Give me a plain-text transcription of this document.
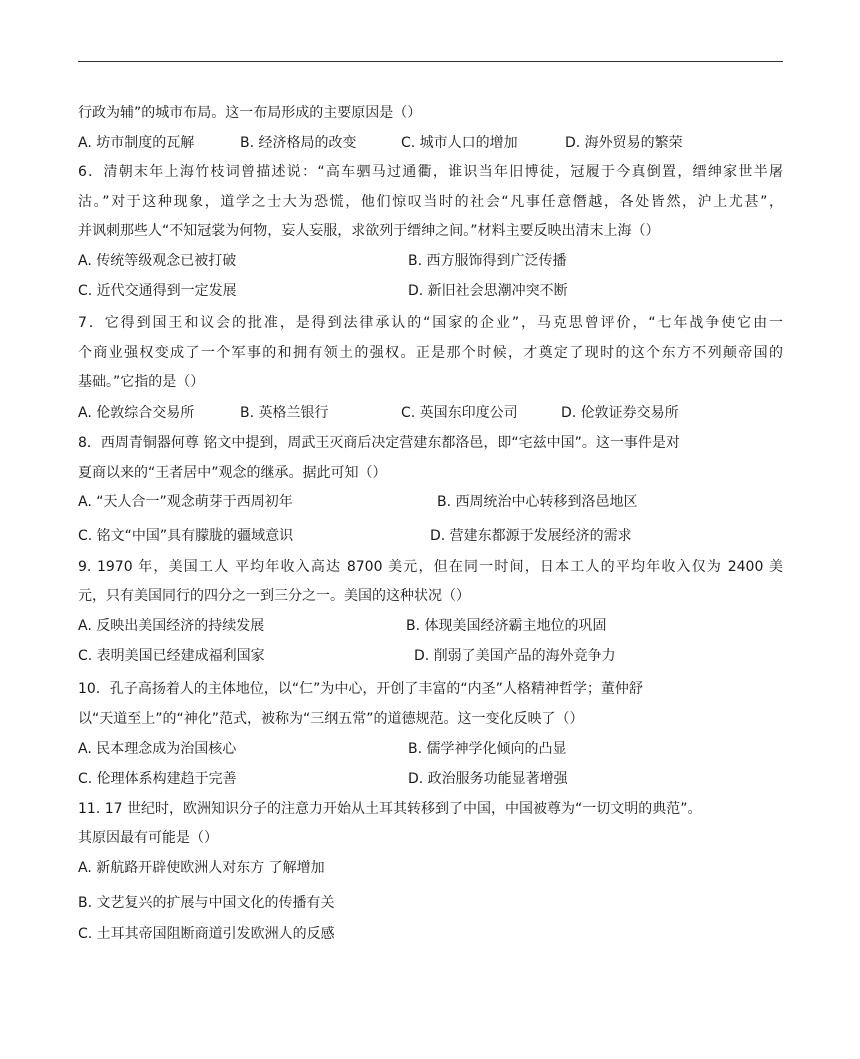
行政为辅”的城市布局。这一布局形成的主要原因是（）
A. 坊市制度的瓦解	B. 经济格局的改变	C. 城市人口的增加	D. 海外贸易的繁荣
6．清朝末年上海竹枝词曾描述说：“高车驷马过通衢，谁识当年旧博徒，冠履于今真倒置，缙绅家世半屠
沽。”对于这种现象，道学之士大为恐慌，他们惊叹当时的社会“凡事任意僭越，各处皆然，沪上尤甚”，
并讽刺那些人“不知冠裳为何物，妄人妄服，求欲列于缙绅之间。”材料主要反映出清末上海（）
A. 传统等级观念已被打破	B. 西方服饰得到广泛传播
C. 近代交通得到一定发展	D. 新旧社会思潮冲突不断
7．它得到国王和议会的批准，是得到法律承认的“国家的企业”，马克思曾评价，“七年战争使它由一
个商业强权变成了一个军事的和拥有领土的强权。正是那个时候，才奠定了现时的这个东方不列颠帝国的
基础。”它指的是（）
A. 伦敦综合交易所	B. 英格兰银行	C. 英国东印度公司	D. 伦敦证券交易所
8．西周青铜器何尊 铭文中提到，周武王灭商后决定营建东都洛邑，即“宅兹中国”。这一事件是对
夏商以来的“王者居中”观念的继承。据此可知（）
A. “天人合一”观念萌芽于西周初年	B. 西周统治中心转移到洛邑地区
C. 铭文“中国”具有朦胧的疆域意识	D. 营建东都源于发展经济的需求
9. 1970 年，美国工人 平均年收入高达 8700 美元，但在同一时间，日本工人的平均年收入仅为 2400 美
元，只有美国同行的四分之一到三分之一。美国的这种状况（）
A. 反映出美国经济的持续发展	B. 体现美国经济霸主地位的巩固
C. 表明美国已经建成福利国家	D. 削弱了美国产品的海外竞争力
10．孔子高扬着人的主体地位，以“仁”为中心，开创了丰富的“内圣”人格精神哲学；董仲舒
以“天道至上”的“神化”范式，被称为“三纲五常”的道德规范。这一变化反映了（）
A. 民本理念成为治国核心	B. 儒学神学化倾向的凸显
C. 伦理体系构建趋于完善	D. 政治服务功能显著增强
11. 17 世纪时，欧洲知识分子的注意力开始从土耳其转移到了中国，中国被尊为“一切文明的典范”。
其原因最有可能是（）
A. 新航路开辟使欧洲人对东方 了解增加
B. 文艺复兴的扩展与中国文化的传播有关
C. 土耳其帝国阻断商道引发欧洲人的反感
